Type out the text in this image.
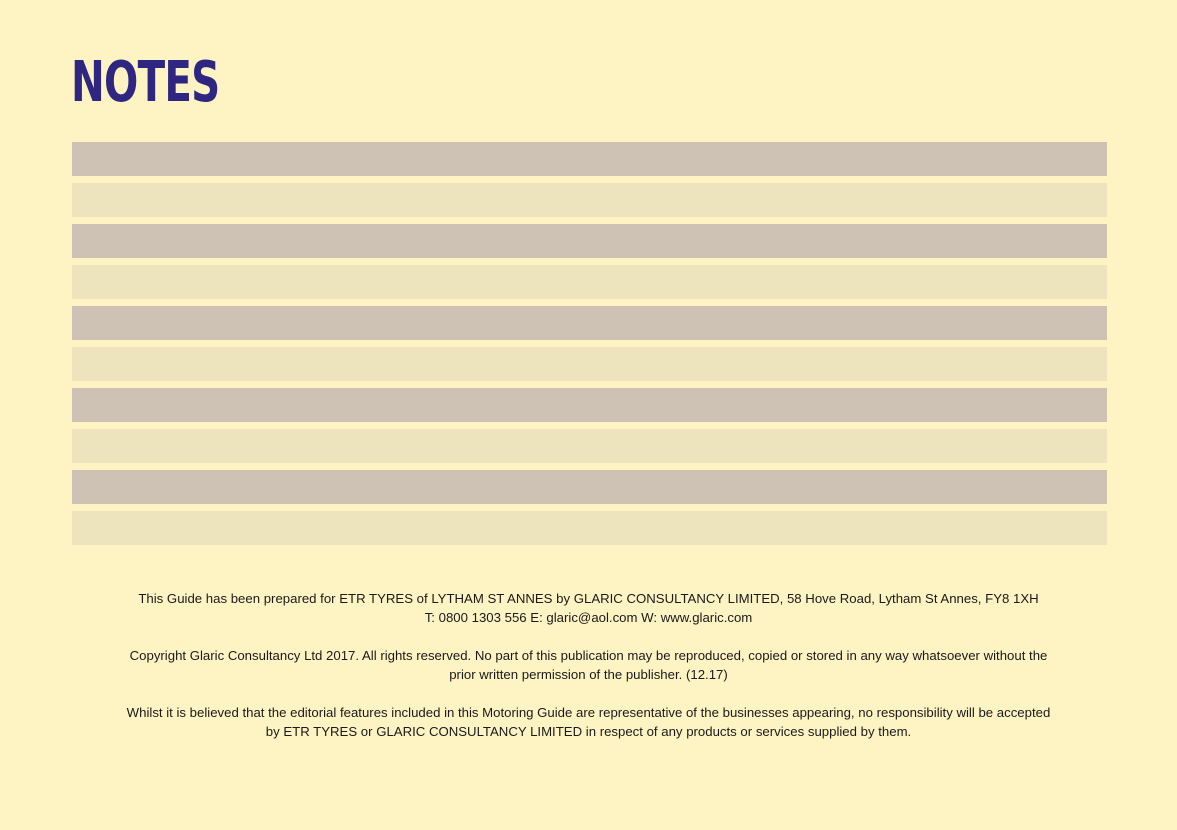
NOTES

This Guide has been prepared for ETR TYRES of LYTHAM ST ANNES by GLARIC CONSULTANCY LIMITED, 58 Hove Road, Lytham St Annes, FY8 1XH
T: 0800 1303 556 E: glaric@aol.com W: www.glaric.com

Copyright Glaric Consultancy Ltd 2017. All rights reserved. No part of this publication may be reproduced, copied or stored in any way whatsoever without the
prior written permission of the publisher. (12.17)

Whilst it is believed that the editorial features included in this Motoring Guide are representative of the businesses appearing, no responsibility will be accepted
by ETR TYRES or GLARIC CONSULTANCY LIMITED in respect of any products or services supplied by them.
